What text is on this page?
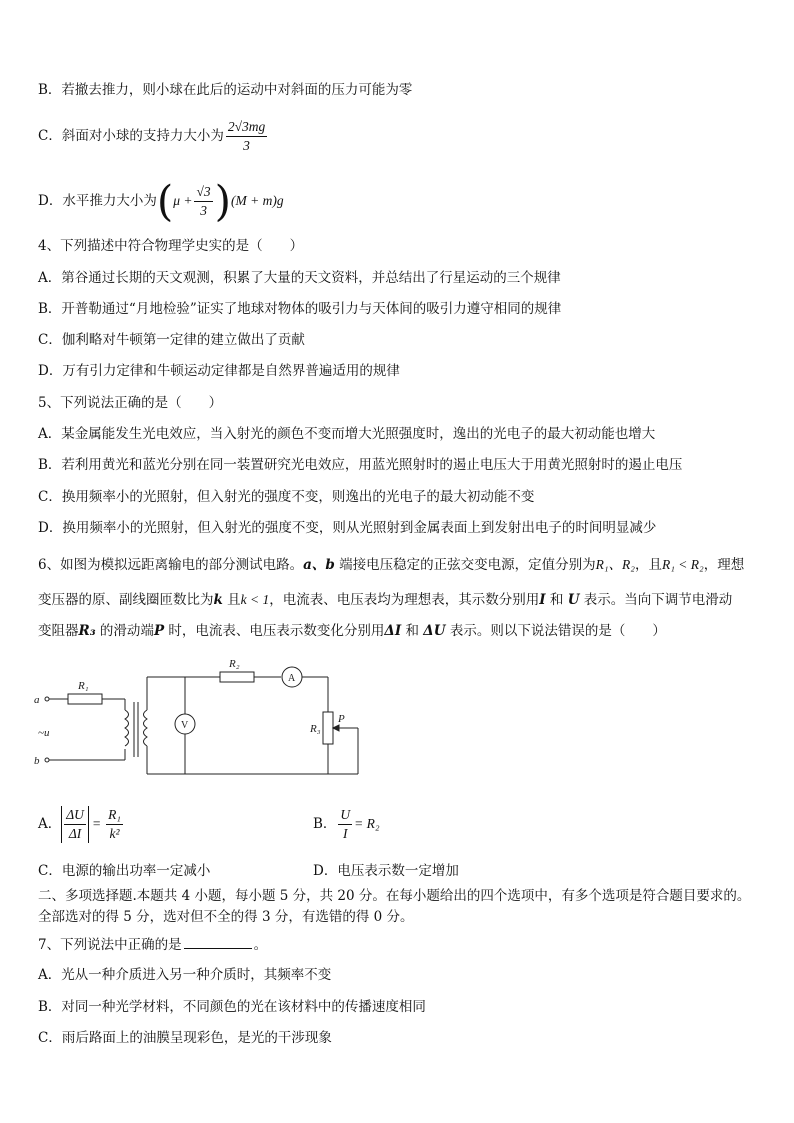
B．若撤去推力，则小球在此后的运动中对斜面的压力可能为零
C．斜面对小球的支持力大小为 $\frac{2√3mg}{3}$
D．水平推力大小为$(\mu + \frac{√3}{3} )(M + m)g$
4、下列描述中符合物理学史实的是（　　）
A．第谷通过长期的天文观测，积累了大量的天文资料，并总结出了行星运动的三个规律
B．开普勒通过“月地检验”证实了地球对物体的吸引力与天体间的吸引力遵守相同的规律
C．伽利略对牛顿第一定律的建立做出了贡献
D．万有引力定律和牛顿运动定律都是自然界普遍适用的规律
5、下列说法正确的是（　　）
A．某金属能发生光电效应，当入射光的颜色不变而增大光照强度时，逸出的光电子的最大初动能也增大
B．若利用黄光和蓝光分别在同一装置研究光电效应，用蓝光照射时的遏止电压大于用黄光照射时的遏止电压
C．换用频率小的光照射，但入射光的强度不变，则逸出的光电子的最大初动能不变
D．换用频率小的光照射，但入射光的强度不变，则从光照射到金属表面上到发射出电子的时间明显减少
6、如图为模拟远距离输电的部分测试电路。a、b 端接电压稳定的正弦交变电源，定值分别为R₁、R₂，且R₁ < R₂，理想
变压器的原、副线圈匝数比为k 且k < 1，电流表、电压表均为理想表，其示数分别用I 和 U 表示。当向下调节电滑动
变阻器R₃ 的滑动端P 时，电流表、电压表示数变化分别用ΔI 和 ΔU 表示。则以下说法错误的是（　　）
a
b
~u
R₁
R₂
R₃
P
A
V
A． $\frac{\Delta U}{\Delta I} = \frac{\text{R₁}}{\text{k²}}$	B． $\frac{U}{I} = R_2$
C．电源的输出功率一定减小	D．电压表示数一定增加
二、多项选择题.本题共 4 小题，每小题 5 分，共 20 分。在每小题给出的四个选项中，有多个选项是符合题目要求的。
全部选对的得 5 分，选对但不全的得 3 分，有选错的得 0 分。
7、下列说法中正确的是	。
A．光从一种介质进入另一种介质时，其频率不变
B．对同一种光学材料，不同颜色的光在该材料中的传播速度相同
C．雨后路面上的油膜呈现彩色，是光的干涉现象
